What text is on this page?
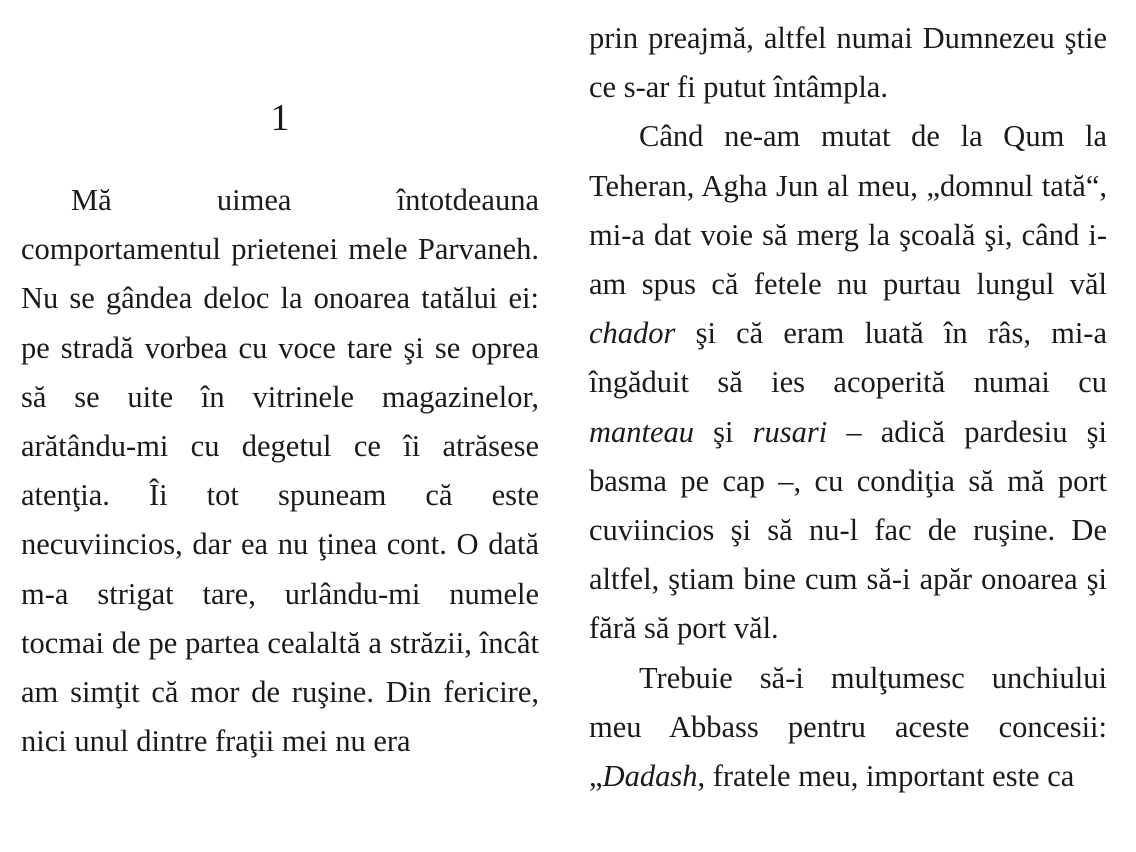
1

Mă uimea întotdeauna comportamentul prietenei mele Parvaneh. Nu se gândea deloc la onoarea tatălui ei: pe stradă vorbea cu voce tare şi se oprea să se uite în vitrinele magazinelor, arătându-mi cu degetul ce îi atrăsese atenţia. Îi tot spuneam că este necuviincios, dar ea nu ţinea cont. O dată m-a strigat tare, urlându-mi numele tocmai de pe partea cealaltă a străzii, încât am simţit că mor de ruşine. Din fericire, nici unul dintre fraţii mei nu era

prin preajmă, altfel numai Dumnezeu ştie ce s-ar fi putut întâmpla.

Când ne-am mutat de la Qum la Teheran, Agha Jun al meu, „domnul tată“, mi-a dat voie să merg la şcoală şi, când i-am spus că fetele nu purtau lungul văl chador şi că eram luată în râs, mi-a îngăduit să ies acoperită numai cu manteau şi rusari – adică pardesiu şi basma pe cap –, cu condiţia să mă port cuviincios şi să nu-l fac de ruşine. De altfel, ştiam bine cum să-i apăr onoarea şi fără să port văl.

Trebuie să-i mulţumesc unchiului meu Abbass pentru aceste concesii: „Dadash, fratele meu, important este ca
